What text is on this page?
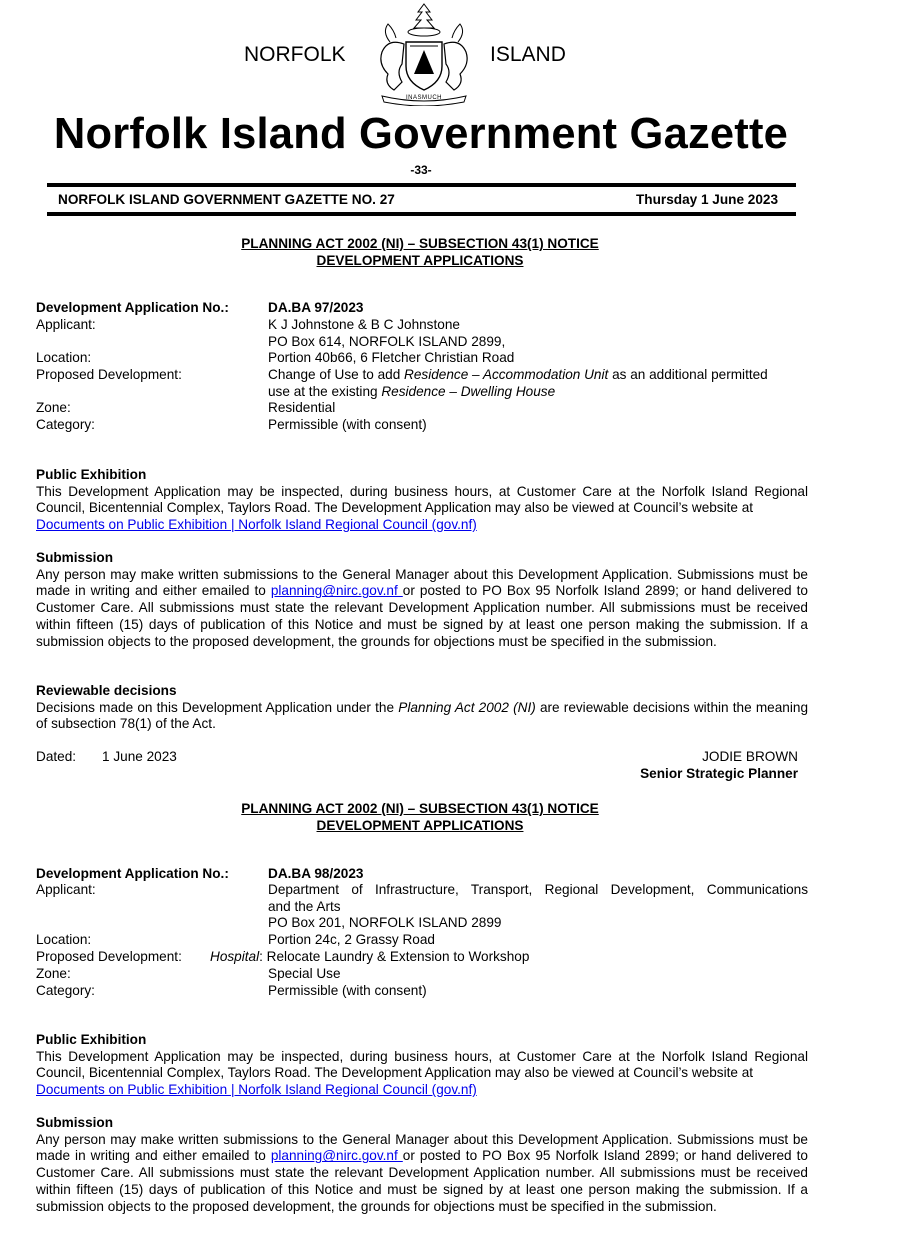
NORFOLK	ISLAND
INASMUCH
Norfolk Island Government Gazette
-33-
NORFOLK ISLAND GOVERNMENT GAZETTE NO. 27	Thursday 1 June 2023
PLANNING ACT 2002 (NI) – SUBSECTION 43(1) NOTICE
DEVELOPMENT APPLICATIONS
Development Application No.:	DA.BA 97/2023
Applicant:	K J Johnstone & B C Johnstone
PO Box 614, NORFOLK ISLAND 2899,
Location:	Portion 40b66, 6 Fletcher Christian Road
Proposed Development:	Change of Use to add Residence – Accommodation Unit as an additional permitted
use at the existing Residence – Dwelling House
Zone:	Residential
Category:	Permissible (with consent)
Public Exhibition
This Development Application may be inspected, during business hours, at Customer Care at the Norfolk Island Regional Council, Bicentennial Complex, Taylors Road. The Development Application may also be viewed at Council’s website at
Documents on Public Exhibition | Norfolk Island Regional Council (gov.nf)
Submission
Any person may make written submissions to the General Manager about this Development Application. Submissions must be made in writing and either emailed to planning@nirc.gov.nf or posted to PO Box 95 Norfolk Island 2899; or hand delivered to Customer Care. All submissions must state the relevant Development Application number. All submissions must be received within fifteen (15) days of publication of this Notice and must be signed by at least one person making the submission. If a submission objects to the proposed development, the grounds for objections must be specified in the submission.
Reviewable decisions
Decisions made on this Development Application under the Planning Act 2002 (NI) are reviewable decisions within the meaning of subsection 78(1) of the Act.
Dated: 1 June 2023	JODIE BROWN
Senior Strategic Planner
PLANNING ACT 2002 (NI) – SUBSECTION 43(1) NOTICE
DEVELOPMENT APPLICATIONS
Development Application No.:	DA.BA 98/2023
Applicant:	Department of Infrastructure, Transport, Regional Development, Communications
and the Arts
PO Box 201, NORFOLK ISLAND 2899
Location:	Portion 24c, 2 Grassy Road
Proposed Development: Hospital: Relocate Laundry & Extension to Workshop
Zone:	Special Use
Category:	Permissible (with consent)
Public Exhibition
This Development Application may be inspected, during business hours, at Customer Care at the Norfolk Island Regional Council, Bicentennial Complex, Taylors Road. The Development Application may also be viewed at Council’s website at
Documents on Public Exhibition | Norfolk Island Regional Council (gov.nf)
Submission
Any person may make written submissions to the General Manager about this Development Application. Submissions must be made in writing and either emailed to planning@nirc.gov.nf or posted to PO Box 95 Norfolk Island 2899; or hand delivered to Customer Care. All submissions must state the relevant Development Application number. All submissions must be received within fifteen (15) days of publication of this Notice and must be signed by at least one person making the submission. If a submission objects to the proposed development, the grounds for objections must be specified in the submission.
